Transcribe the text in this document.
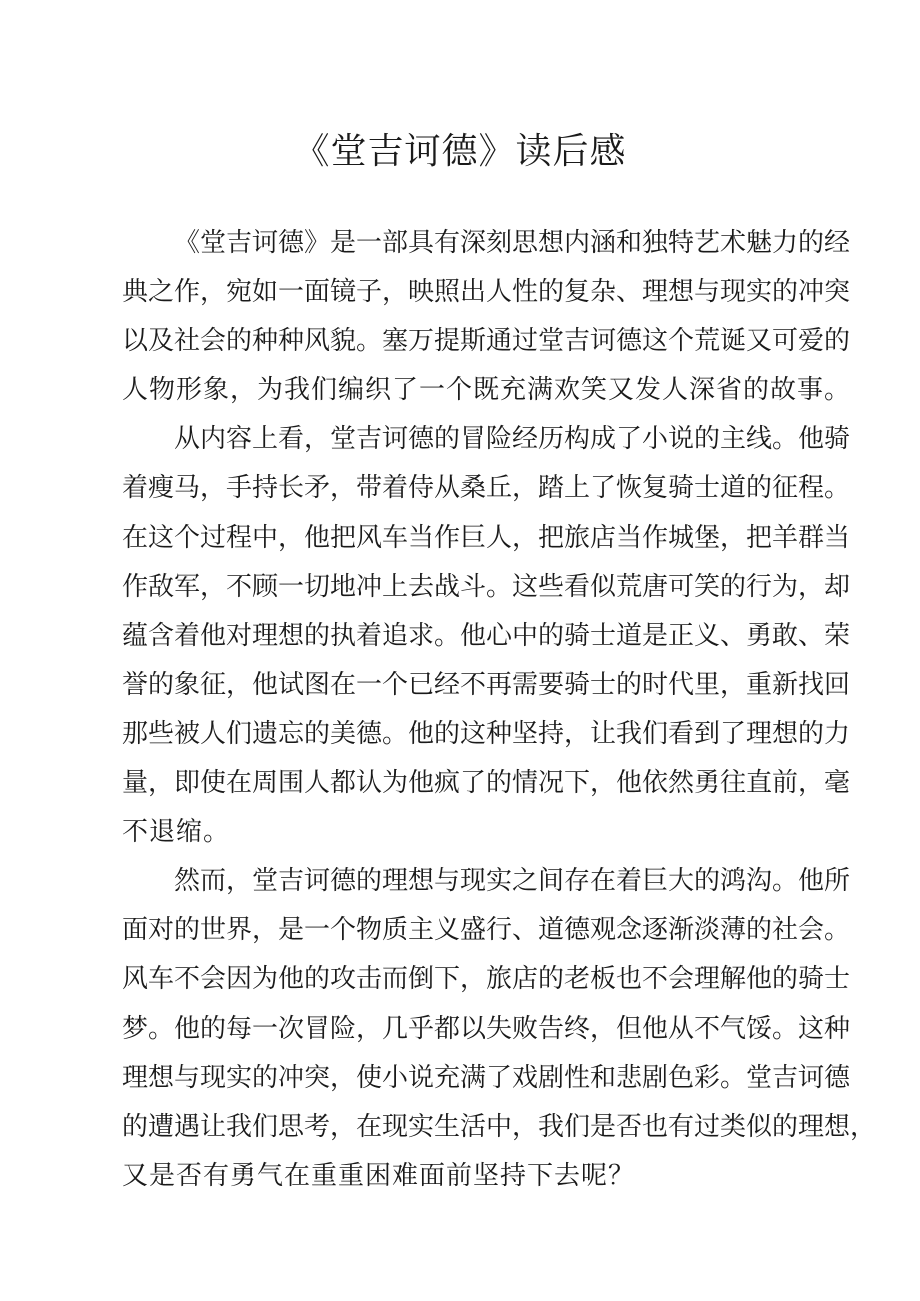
《堂吉诃德》读后感
《堂吉诃德》是一部具有深刻思想内涵和独特艺术魅力的经
典之作，宛如一面镜子，映照出人性的复杂、理想与现实的冲突
以及社会的种种风貌。塞万提斯通过堂吉诃德这个荒诞又可爱的
人物形象，为我们编织了一个既充满欢笑又发人深省的故事。
从内容上看，堂吉诃德的冒险经历构成了小说的主线。他骑
着瘦马，手持长矛，带着侍从桑丘，踏上了恢复骑士道的征程。
在这个过程中，他把风车当作巨人，把旅店当作城堡，把羊群当
作敌军，不顾一切地冲上去战斗。这些看似荒唐可笑的行为，却
蕴含着他对理想的执着追求。他心中的骑士道是正义、勇敢、荣
誉的象征，他试图在一个已经不再需要骑士的时代里，重新找回
那些被人们遗忘的美德。他的这种坚持，让我们看到了理想的力
量，即使在周围人都认为他疯了的情况下，他依然勇往直前，毫
不退缩。
然而，堂吉诃德的理想与现实之间存在着巨大的鸿沟。他所
面对的世界，是一个物质主义盛行、道德观念逐渐淡薄的社会。
风车不会因为他的攻击而倒下，旅店的老板也不会理解他的骑士
梦。他的每一次冒险，几乎都以失败告终，但他从不气馁。这种
理想与现实的冲突，使小说充满了戏剧性和悲剧色彩。堂吉诃德
的遭遇让我们思考，在现实生活中，我们是否也有过类似的理想，
又是否有勇气在重重困难面前坚持下去呢？
